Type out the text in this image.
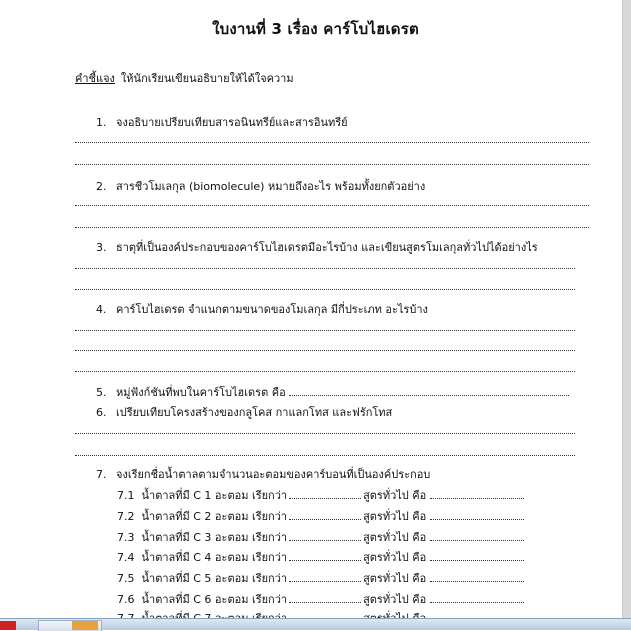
ใบงานที่ 3 เรื่อง คาร์โบไฮเดรต
คำชี้แจง ให้นักเรียนเขียนอธิบายให้ได้ใจความ
1. จงอธิบายเปรียบเทียบสารอนินทรีย์และสารอินทรีย์
2. สารชีวโมเลกุล (biomolecule) หมายถึงอะไร พร้อมทั้งยกตัวอย่าง
3. ธาตุที่เป็นองค์ประกอบของคาร์โบไฮเดรตมีอะไรบ้าง และเขียนสูตรโมเลกุลทั่วไปได้อย่างไร
4. คาร์โบไฮเดรต จำแนกตามขนาดของโมเลกุล มีกี่ประเภท อะไรบ้าง
5. หมู่ฟังก์ชันที่พบในคาร์โบไฮเดรต คือ
6. เปรียบเทียบโครงสร้างของกลูโคส กาแลกโทส และฟรักโทส
7. จงเรียกชื่อน้ำตาลตามจำนวนอะตอมของคาร์บอนที่เป็นองค์ประกอบ
7.1 น้ำตาลที่มี C 1 อะตอม เรียกว่า	สูตรทั่วไป คือ
7.2 น้ำตาลที่มี C 2 อะตอม เรียกว่า	สูตรทั่วไป คือ
7.3 น้ำตาลที่มี C 3 อะตอม เรียกว่า	สูตรทั่วไป คือ
7.4 น้ำตาลที่มี C 4 อะตอม เรียกว่า	สูตรทั่วไป คือ
7.5 น้ำตาลที่มี C 5 อะตอม เรียกว่า	สูตรทั่วไป คือ
7.6 น้ำตาลที่มี C 6 อะตอม เรียกว่า	สูตรทั่วไป คือ
